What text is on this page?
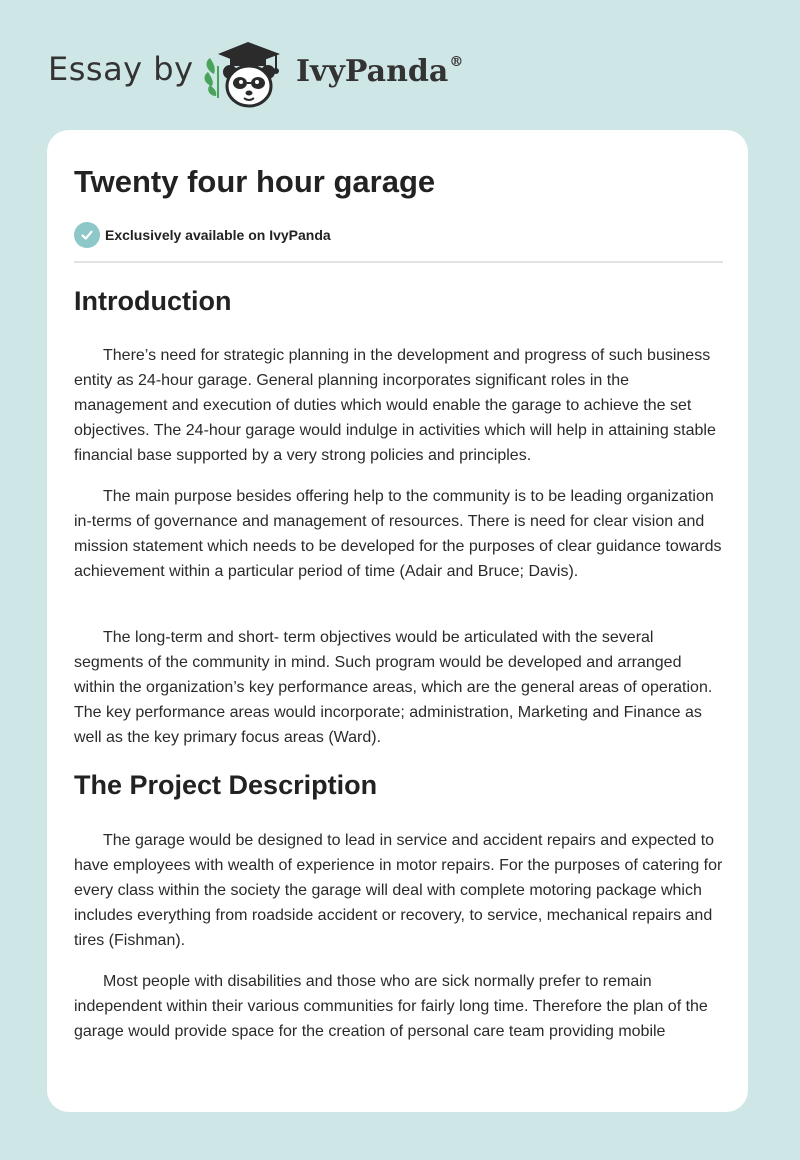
Essay by	IvyPanda®
Twenty four hour garage
Exclusively available on IvyPanda
Introduction

There’s need for strategic planning in the development and progress of such business entity as 24-hour garage. General planning incorporates significant roles in the management and execution of duties which would enable the garage to achieve the set objectives. The 24-hour garage would indulge in activities which will help in attaining stable financial base supported by a very strong policies and principles.

The main purpose besides offering help to the community is to be leading organization in-terms of governance and management of resources. There is need for clear vision and mission statement which needs to be developed for the purposes of clear guidance towards achievement within a particular period of time (Adair and Bruce; Davis).

The long-term and short- term objectives would be articulated with the several segments of the community in mind. Such program would be developed and arranged within the organization’s key performance areas, which are the general areas of operation. The key performance areas would incorporate; administration, Marketing and Finance as well as the key primary focus areas (Ward).

The Project Description

The garage would be designed to lead in service and accident repairs and expected to have employees with wealth of experience in motor repairs. For the purposes of catering for every class within the society the garage will deal with complete motoring package which includes everything from roadside accident or recovery, to service, mechanical repairs and tires (Fishman).

Most people with disabilities and those who are sick normally prefer to remain independent within their various communities for fairly long time. Therefore the plan of the garage would provide space for the creation of personal care team providing mobile
